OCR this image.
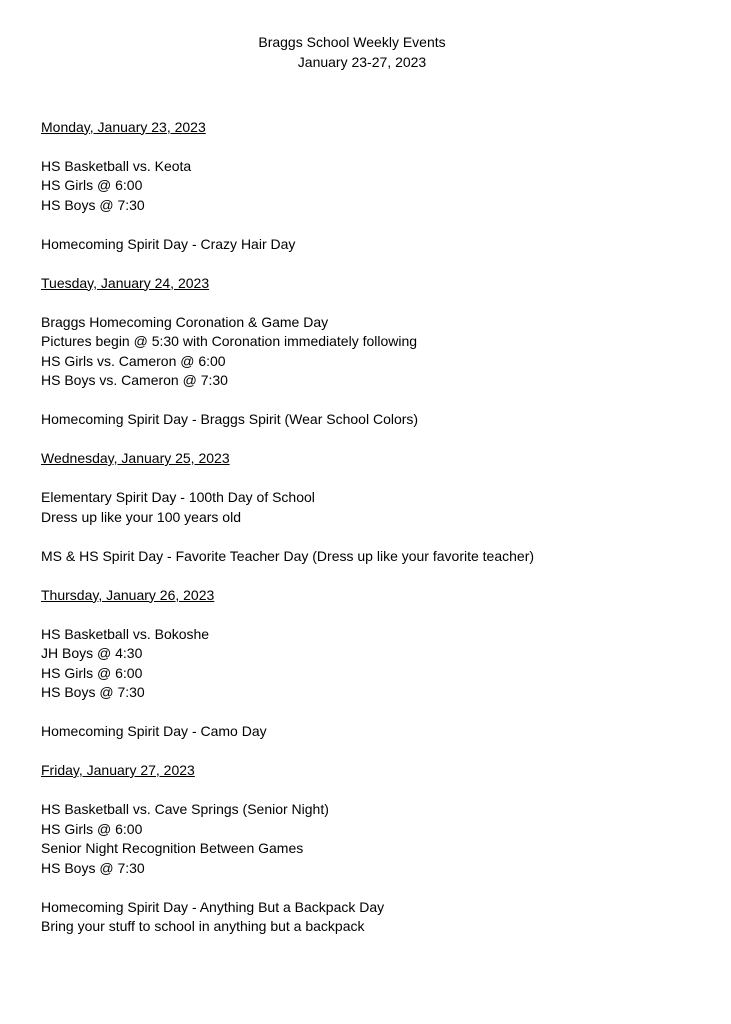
Braggs School Weekly Events
January 23-27, 2023
Monday, January 23, 2023
HS Basketball vs. Keota
HS Girls @ 6:00
HS Boys @ 7:30
Homecoming Spirit Day - Crazy Hair Day
Tuesday, January 24, 2023
Braggs Homecoming Coronation & Game Day
Pictures begin @ 5:30 with Coronation immediately following
HS Girls vs. Cameron @ 6:00
HS Boys vs. Cameron @ 7:30
Homecoming Spirit Day - Braggs Spirit (Wear School Colors)
Wednesday, January 25, 2023
Elementary Spirit Day - 100th Day of School
Dress up like your 100 years old
MS & HS Spirit Day - Favorite Teacher Day (Dress up like your favorite teacher)
Thursday, January 26, 2023
HS Basketball vs. Bokoshe
JH Boys @ 4:30
HS Girls @ 6:00
HS Boys @ 7:30
Homecoming Spirit Day - Camo Day
Friday, January 27, 2023
HS Basketball vs. Cave Springs (Senior Night)
HS Girls @ 6:00
Senior Night Recognition Between Games
HS Boys @ 7:30
Homecoming Spirit Day - Anything But a Backpack Day
Bring your stuff to school in anything but a backpack
